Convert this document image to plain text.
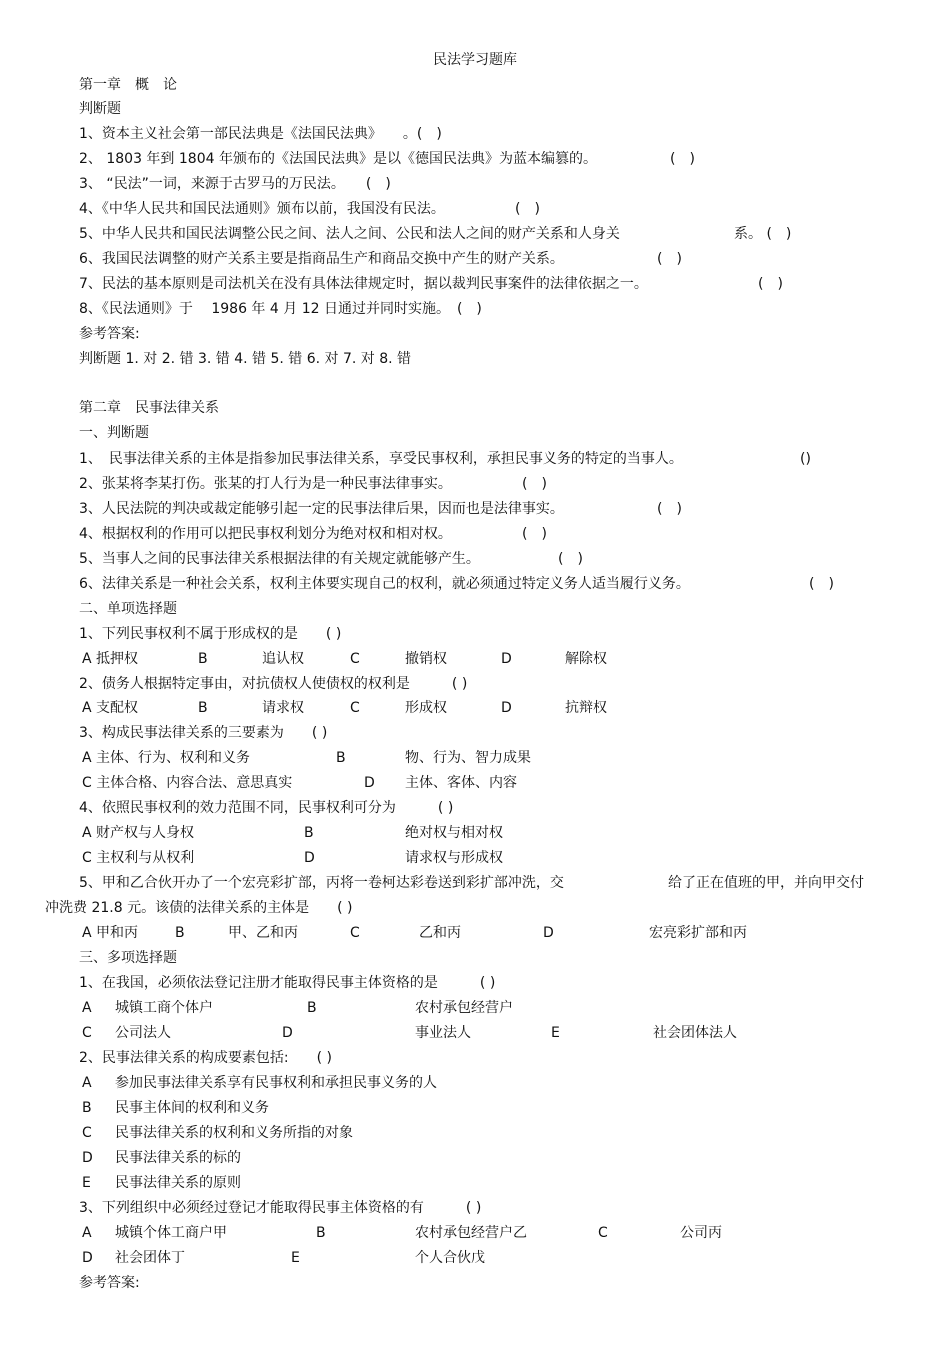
民法学习题库
第一章　概　论
判断题
1、资本主义社会第一部民法典是《法国民法典》　　。(　)
2、 1803 年到 1804 年颁布的《法国民法典》是以《德国民法典》为蓝本编篡的。	(　)
3、 “民法”一词，来源于古罗马的万民法。　　(　)
4、《中华人民共和国民法通则》颁布以前，我国没有民法。	(　)
5、中华人民共和国民法调整公民之间、法人之间、公民和法人之间的财产关系和人身关	系。 (　)
6、我国民法调整的财产关系主要是指商品生产和商品交换中产生的财产关系。	(　)
7、民法的基本原则是司法机关在没有具体法律规定时，据以裁判民事案件的法律依据之一。	(　)
8、《民法通则》于　 1986 年 4 月 12 日通过并同时实施。　(　)
参考答案:
判断题 1. 对 2. 错 3. 错 4. 错 5. 错 6. 对 7. 对 8. 错
第二章　民事法律关系
一、判断题
1、　民事法律关系的主体是指参加民事法律关系，享受民事权利，承担民事义务的特定的当事人。	()
2、张某将李某打伤。张某的打人行为是一种民事法律事实。	(　)
3、人民法院的判决或裁定能够引起一定的民事法律后果，因而也是法律事实。	(　)
4、根据权利的作用可以把民事权利划分为绝对权和相对权。	(　)
5、当事人之间的民事法律关系根据法律的有关规定就能够产生。	(　)
6、法律关系是一种社会关系，权利主体要实现自己的权利，就必须通过特定义务人适当履行义务。	(　)
二、单项选择题
1、下列民事权利不属于形成权的是　　( )
A 抵押权	B	追认权	C	撤销权	D	解除权
2、债务人根据特定事由，对抗债权人使债权的权利是　　　( )
A 支配权	B	请求权	C	形成权	D	抗辩权
3、构成民事法律关系的三要素为　　( )
A 主体、行为、权利和义务	B	物、行为、智力成果
C 主体合格、内容合法、意思真实	D 主体、客体、内容
4、依照民事权利的效力范围不同，民事权利可分为　　　( )
A 财产权与人身权	B	绝对权与相对权
C 主权利与从权利	D	请求权与形成权
5、甲和乙合伙开办了一个宏亮彩扩部，丙将一卷柯达彩卷送到彩扩部冲洗，交	给了正在值班的甲，并向甲交付
冲洗费 21.8 元。该债的法律关系的主体是　　( )
A 甲和丙	B	甲、乙和丙	C	乙和丙	D	宏亮彩扩部和丙
三、多项选择题
1、在我国，必须依法登记注册才能取得民事主体资格的是　　　( )
A 城镇工商个体户	B	农村承包经营户
C 公司法人	D	事业法人	E	社会团体法人
2、民事法律关系的构成要素包括:　　( )
A 参加民事法律关系享有民事权利和承担民事义务的人
B 民事主体间的权利和义务
C 民事法律关系的权利和义务所指的对象
D 民事法律关系的标的
E 民事法律关系的原则
3、下列组织中必须经过登记才能取得民事主体资格的有　　　( )
A 城镇个体工商户甲	B	农村承包经营户乙	C	公司丙
D 社会团体丁	E	个人合伙戊
参考答案:
